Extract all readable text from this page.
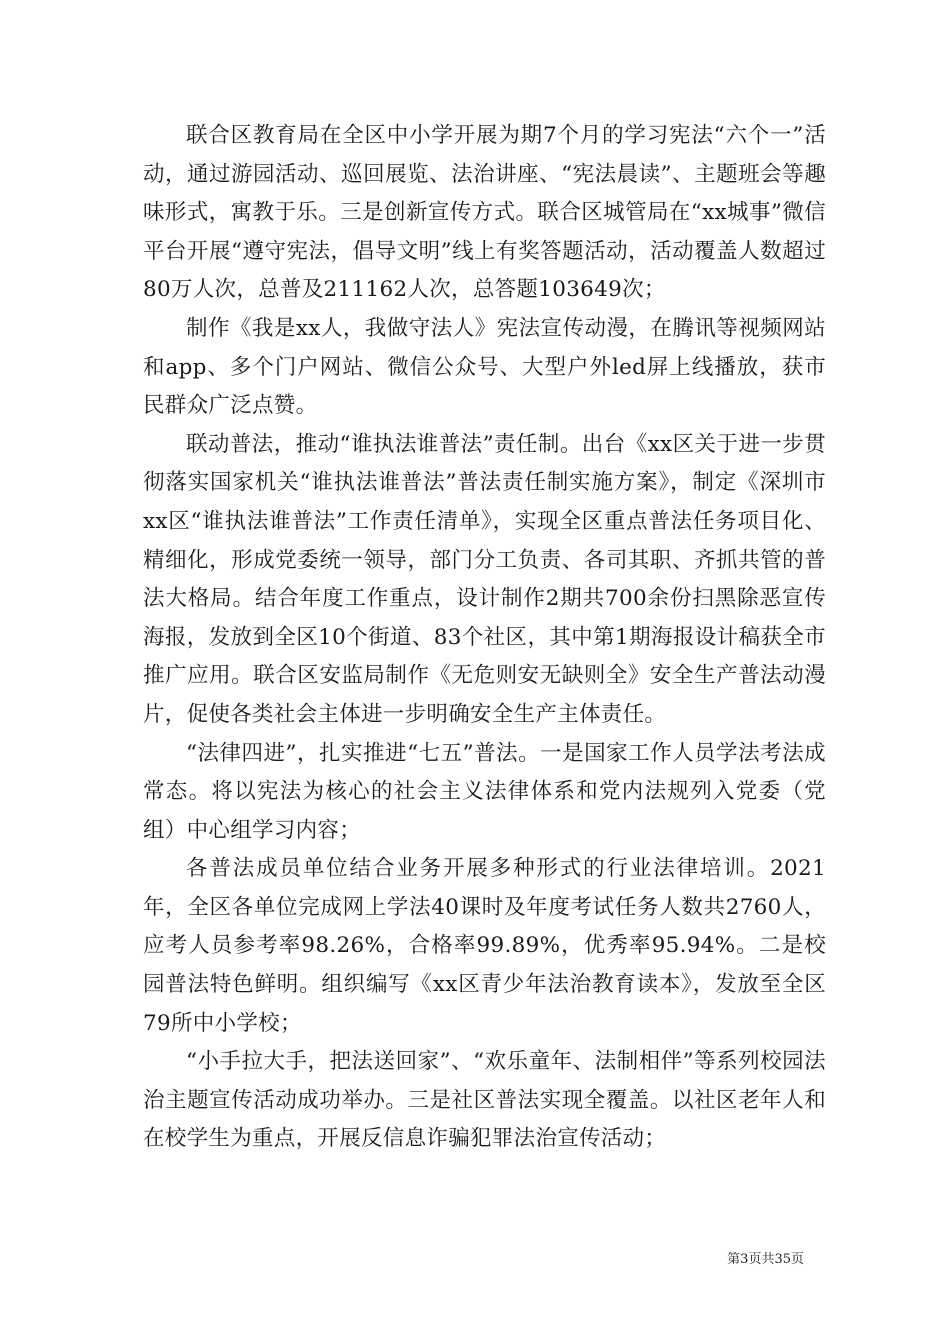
联合区教育局在全区中小学开展为期7个月的学习宪法“六个一”活动，通过游园活动、巡回展览、法治讲座、“宪法晨读”、主题班会等趣味形式，寓教于乐。三是创新宣传方式。联合区城管局在“xx城事”微信平台开展“遵守宪法，倡导文明”线上有奖答题活动，活动覆盖人数超过80万人次，总普及211162人次，总答题103649次；

制作《我是xx人，我做守法人》宪法宣传动漫，在腾讯等视频网站和app、多个门户网站、微信公众号、大型户外led屏上线播放，获市民群众广泛点赞。

联动普法，推动“谁执法谁普法”责任制。出台《xx区关于进一步贯彻落实国家机关“谁执法谁普法”普法责任制实施方案》，制定《深圳市xx区“谁执法谁普法”工作责任清单》，实现全区重点普法任务项目化、精细化，形成党委统一领导，部门分工负责、各司其职、齐抓共管的普法大格局。结合年度工作重点，设计制作2期共700余份扫黑除恶宣传海报，发放到全区10个街道、83个社区，其中第1期海报设计稿获全市推广应用。联合区安监局制作《无危则安无缺则全》安全生产普法动漫片，促使各类社会主体进一步明确安全生产主体责任。

“法律四进”，扎实推进“七五”普法。一是国家工作人员学法考法成常态。将以宪法为核心的社会主义法律体系和党内法规列入党委（党组）中心组学习内容；

各普法成员单位结合业务开展多种形式的行业法律培训。2021年，全区各单位完成网上学法40课时及年度考试任务人数共2760人，应考人员参考率98.26%，合格率99.89%，优秀率95.94%。二是校园普法特色鲜明。组织编写《xx区青少年法治教育读本》，发放至全区79所中小学校；

“小手拉大手，把法送回家”、“欢乐童年、法制相伴”等系列校园法治主题宣传活动成功举办。三是社区普法实现全覆盖。以社区老年人和在校学生为重点，开展反信息诈骗犯罪法治宣传活动；

第3页共35页
